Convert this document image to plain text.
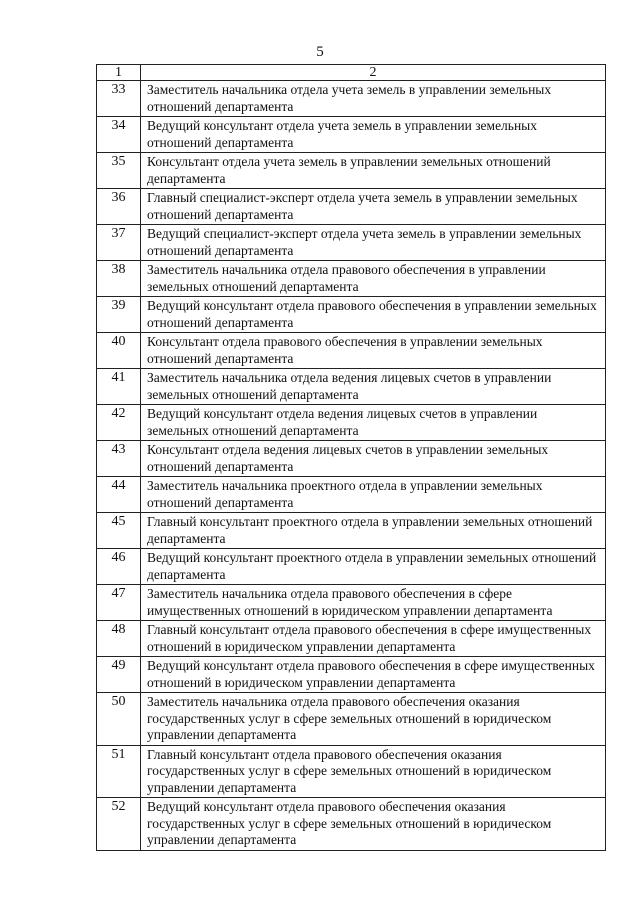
5
1	2
33	Заместитель начальника отдела учета земель в управлении земельных отношений департамента
34	Ведущий консультант отдела учета земель в управлении земельных отношений департамента
35	Консультант отдела учета земель в управлении земельных отношений департамента
36	Главный специалист-эксперт отдела учета земель в управлении земельных отношений департамента
37	Ведущий специалист-эксперт отдела учета земель в управлении земельных отношений департамента
38	Заместитель начальника отдела правового обеспечения в управлении земельных отношений департамента
39	Ведущий консультант отдела правового обеспечения в управлении земельных отношений департамента
40	Консультант отдела правового обеспечения в управлении земельных отношений департамента
41	Заместитель начальника отдела ведения лицевых счетов в управлении земельных отношений департамента
42	Ведущий консультант отдела ведения лицевых счетов в управлении земельных отношений департамента
43	Консультант отдела ведения лицевых счетов в управлении земельных отношений департамента
44	Заместитель начальника проектного отдела в управлении земельных отношений департамента
45	Главный консультант проектного отдела в управлении земельных отношений департамента
46	Ведущий консультант проектного отдела в управлении земельных отношений департамента
47	Заместитель начальника отдела правового обеспечения в сфере имущественных отношений в юридическом управлении департамента
48	Главный консультант отдела правового обеспечения в сфере имущественных отношений в юридическом управлении департамента
49	Ведущий консультант отдела правового обеспечения в сфере имущественных отношений в юридическом управлении департамента
50	Заместитель начальника отдела правового обеспечения оказания государственных услуг в сфере земельных отношений в юридическом управлении департамента
51	Главный консультант отдела правового обеспечения оказания государственных услуг в сфере земельных отношений в юридическом управлении департамента
52	Ведущий консультант отдела правового обеспечения оказания государственных услуг в сфере земельных отношений в юридическом управлении департамента
